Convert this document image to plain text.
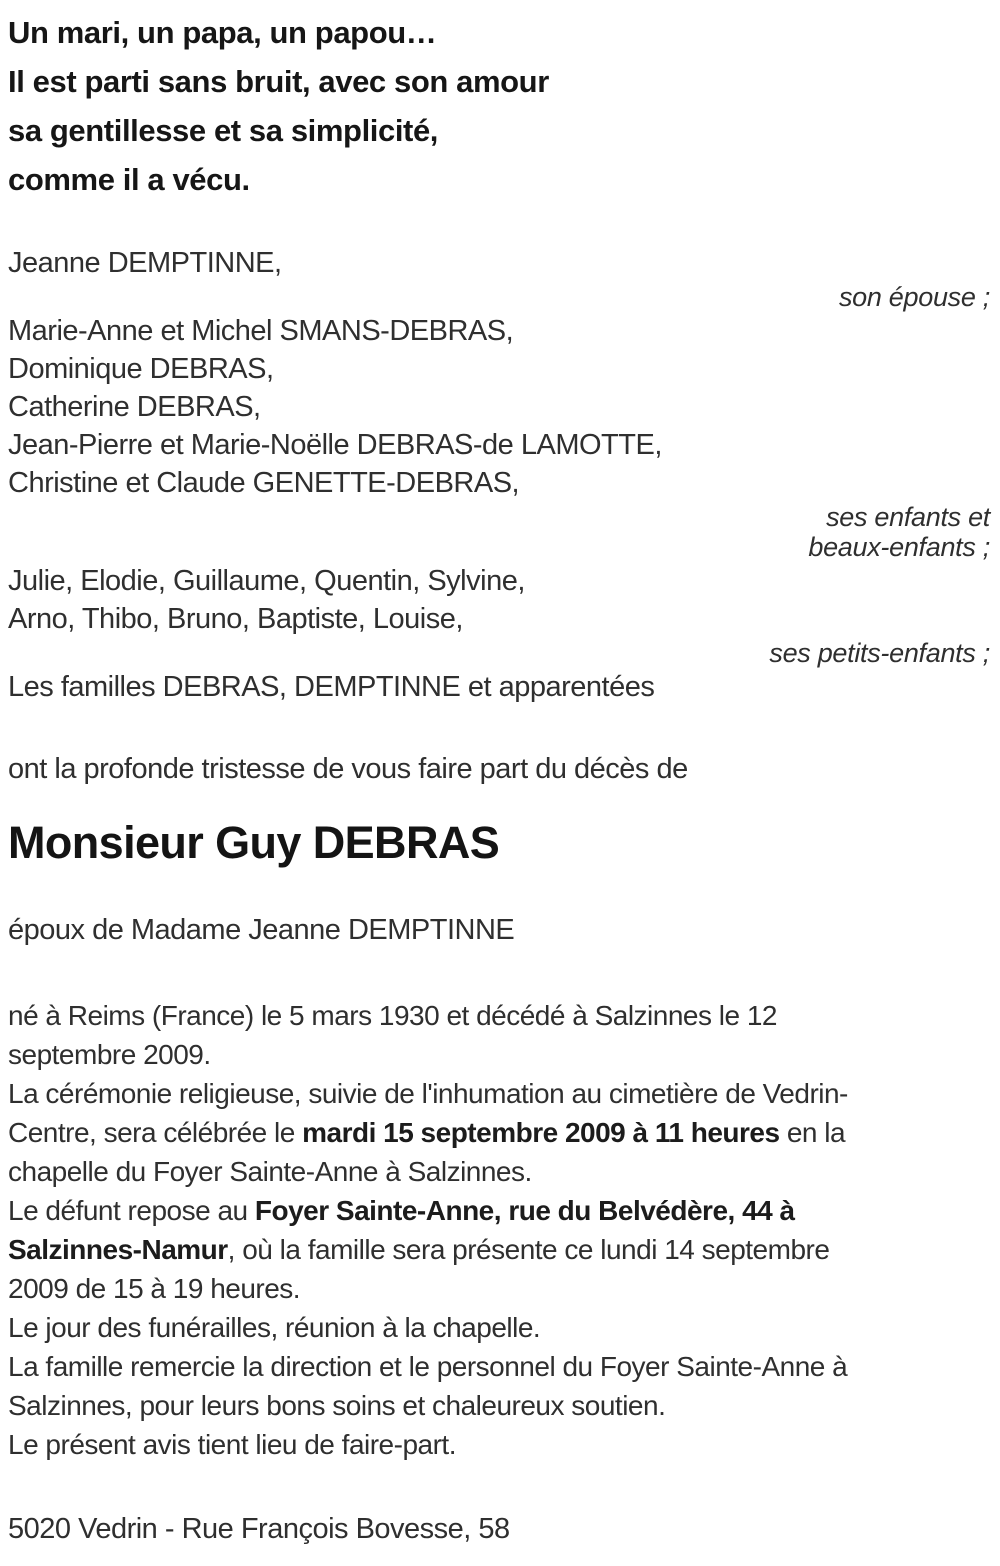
Un mari, un papa, un papou…
Il est parti sans bruit, avec son amour
sa gentillesse et sa simplicité,
comme il a vécu.
Jeanne DEMPTINNE,
son épouse ;
Marie-Anne et Michel SMANS-DEBRAS,
Dominique DEBRAS,
Catherine DEBRAS,
Jean-Pierre et Marie-Noëlle DEBRAS-de LAMOTTE,
Christine et Claude GENETTE-DEBRAS,
ses enfants et
beaux-enfants ;
Julie, Elodie, Guillaume, Quentin, Sylvine,
Arno, Thibo, Bruno, Baptiste, Louise,
ses petits-enfants ;
Les familles DEBRAS, DEMPTINNE et apparentées
ont la profonde tristesse de vous faire part du décès de
Monsieur Guy DEBRAS
époux de Madame Jeanne DEMPTINNE
né à Reims (France) le 5 mars 1930 et décédé à Salzinnes le 12
septembre 2009.
La cérémonie religieuse, suivie de l'inhumation au cimetière de Vedrin-
Centre, sera célébrée le mardi 15 septembre 2009 à 11 heures en la
chapelle du Foyer Sainte-Anne à Salzinnes.
Le défunt repose au Foyer Sainte-Anne, rue du Belvédère, 44 à
Salzinnes-Namur, où la famille sera présente ce lundi 14 septembre
2009 de 15 à 19 heures.
Le jour des funérailles, réunion à la chapelle.
La famille remercie la direction et le personnel du Foyer Sainte-Anne à
Salzinnes, pour leurs bons soins et chaleureux soutien.
Le présent avis tient lieu de faire-part.
5020 Vedrin - Rue François Bovesse, 58
